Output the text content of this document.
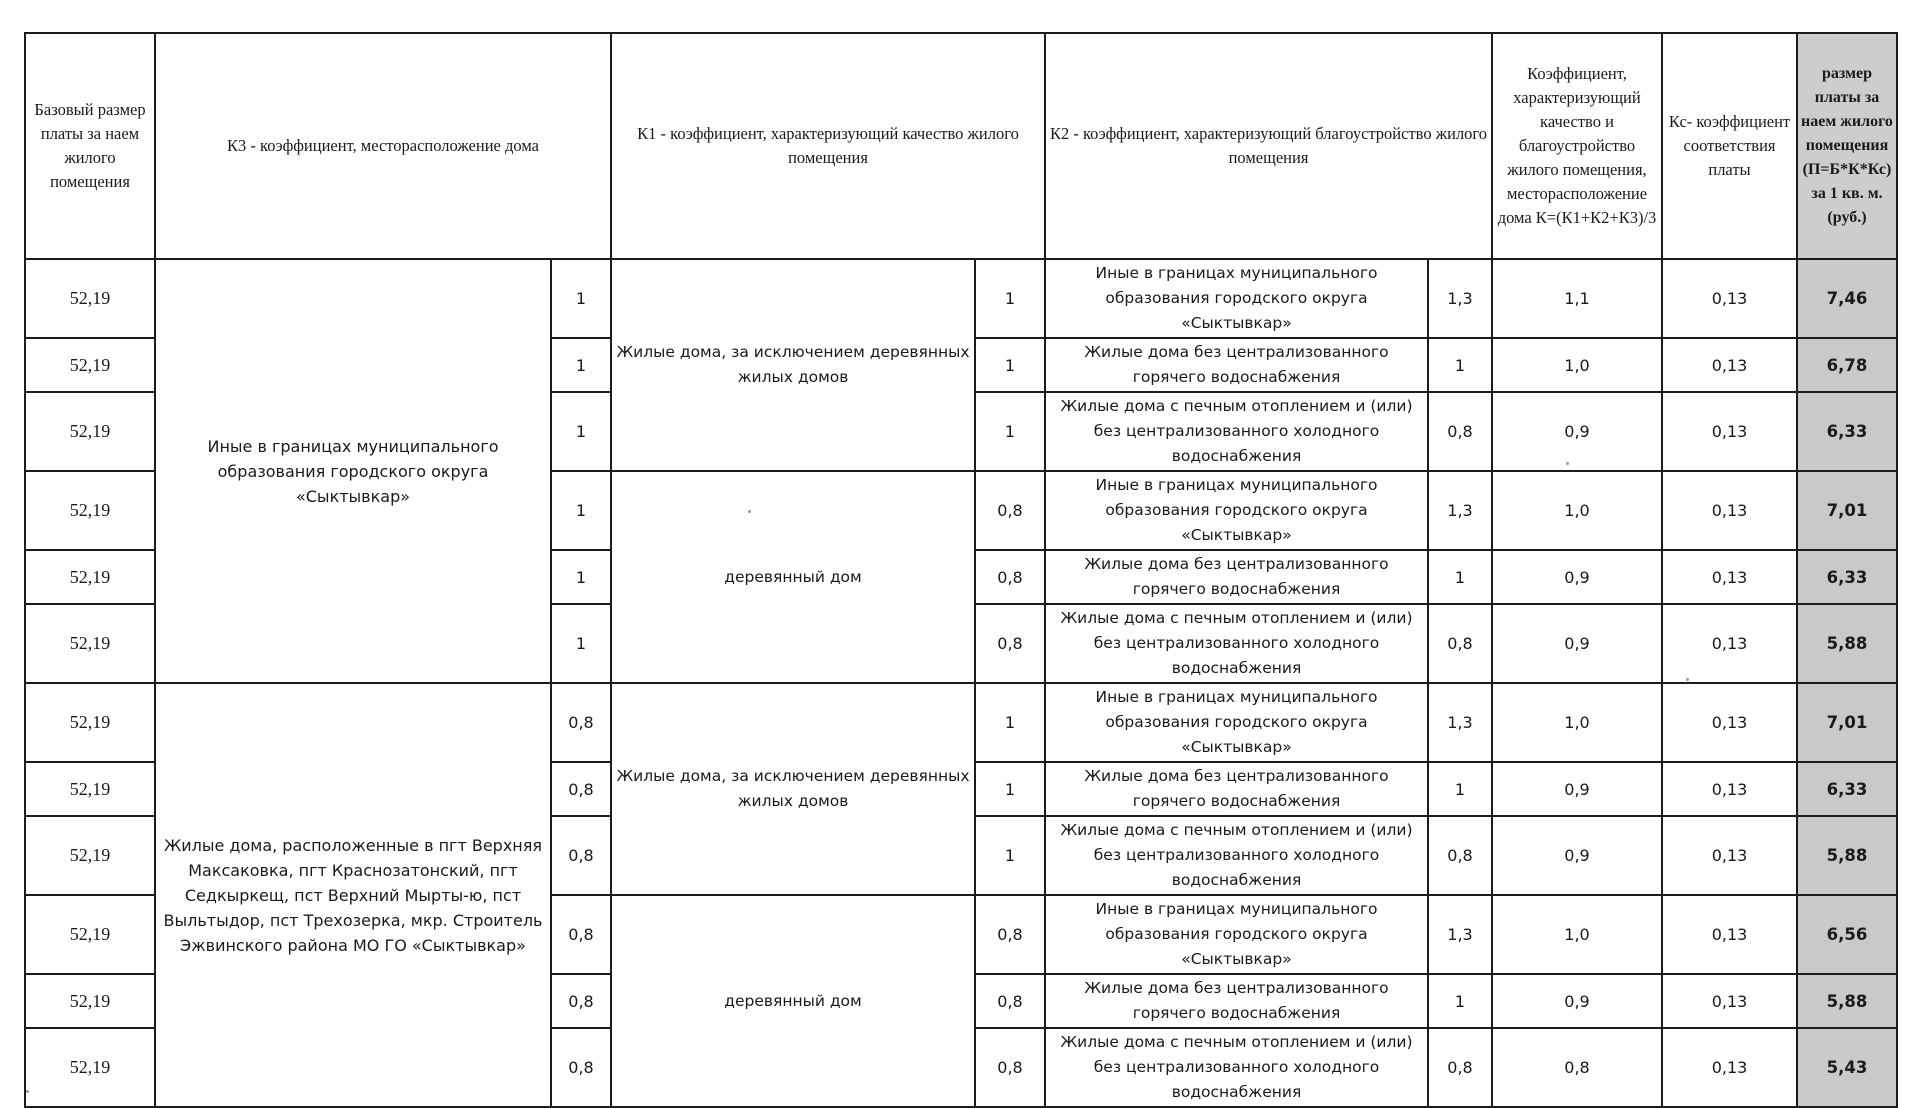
Базовый размер платы за наем жилого помещения	К3 - коэффициент, месторасположение дома		К1 - коэффициент, характеризующий качество жилого помещения		К2 - коэффициент, характеризующий благоустройство жилого помещения		Коэффициент, характеризующий качество и благоустройство жилого помещения, месторасположение дома К=(К1+К2+К3)/3	Кс- коэффициент соответствия платы	размер платы за наем жилого помещения (П=Б*К*Кс) за 1 кв. м. (руб.)
52,19	Иные в границах муниципального образования городского округа «Сыктывкар»	1	Жилые дома, за исключением деревянных жилых домов	1	Иные в границах муниципального образования городского округа «Сыктывкар»	1,3	1,1	0,13	7,46
52,19		1		1	Жилые дома без централизованного горячего водоснабжения	1	1,0	0,13	6,78
52,19		1		1	Жилые дома с печным отоплением и (или) без централизованного холодного водоснабжения	0,8	0,9	0,13	6,33
52,19		1	деревянный дом	0,8	Иные в границах муниципального образования городского округа «Сыктывкар»	1,3	1,0	0,13	7,01
52,19		1		0,8	Жилые дома без централизованного горячего водоснабжения	1	0,9	0,13	6,33
52,19		1		0,8	Жилые дома с печным отоплением и (или) без централизованного холодного водоснабжения	0,8	0,9	0,13	5,88
52,19	Жилые дома, расположенные в пгт Верхняя Максаковка, пгт Краснозатонский, пгт Седкыркещ, пст Верхний Мырты-ю, пст Выльтыдор, пст Трехозерка, мкр. Строитель Эжвинского района МО ГО «Сыктывкар»	0,8	Жилые дома, за исключением деревянных жилых домов	1	Иные в границах муниципального образования городского округа «Сыктывкар»	1,3	1,0	0,13	7,01
52,19		0,8		1	Жилые дома без централизованного горячего водоснабжения	1	0,9	0,13	6,33
52,19		0,8		1	Жилые дома с печным отоплением и (или) без централизованного холодного водоснабжения	0,8	0,9	0,13	5,88
52,19		0,8	деревянный дом	0,8	Иные в границах муниципального образования городского округа «Сыктывкар»	1,3	1,0	0,13	6,56
52,19		0,8		0,8	Жилые дома без централизованного горячего водоснабжения	1	0,9	0,13	5,88
52,19		0,8		0,8	Жилые дома с печным отоплением и (или) без централизованного холодного водоснабжения	0,8	0,8	0,13	5,43
